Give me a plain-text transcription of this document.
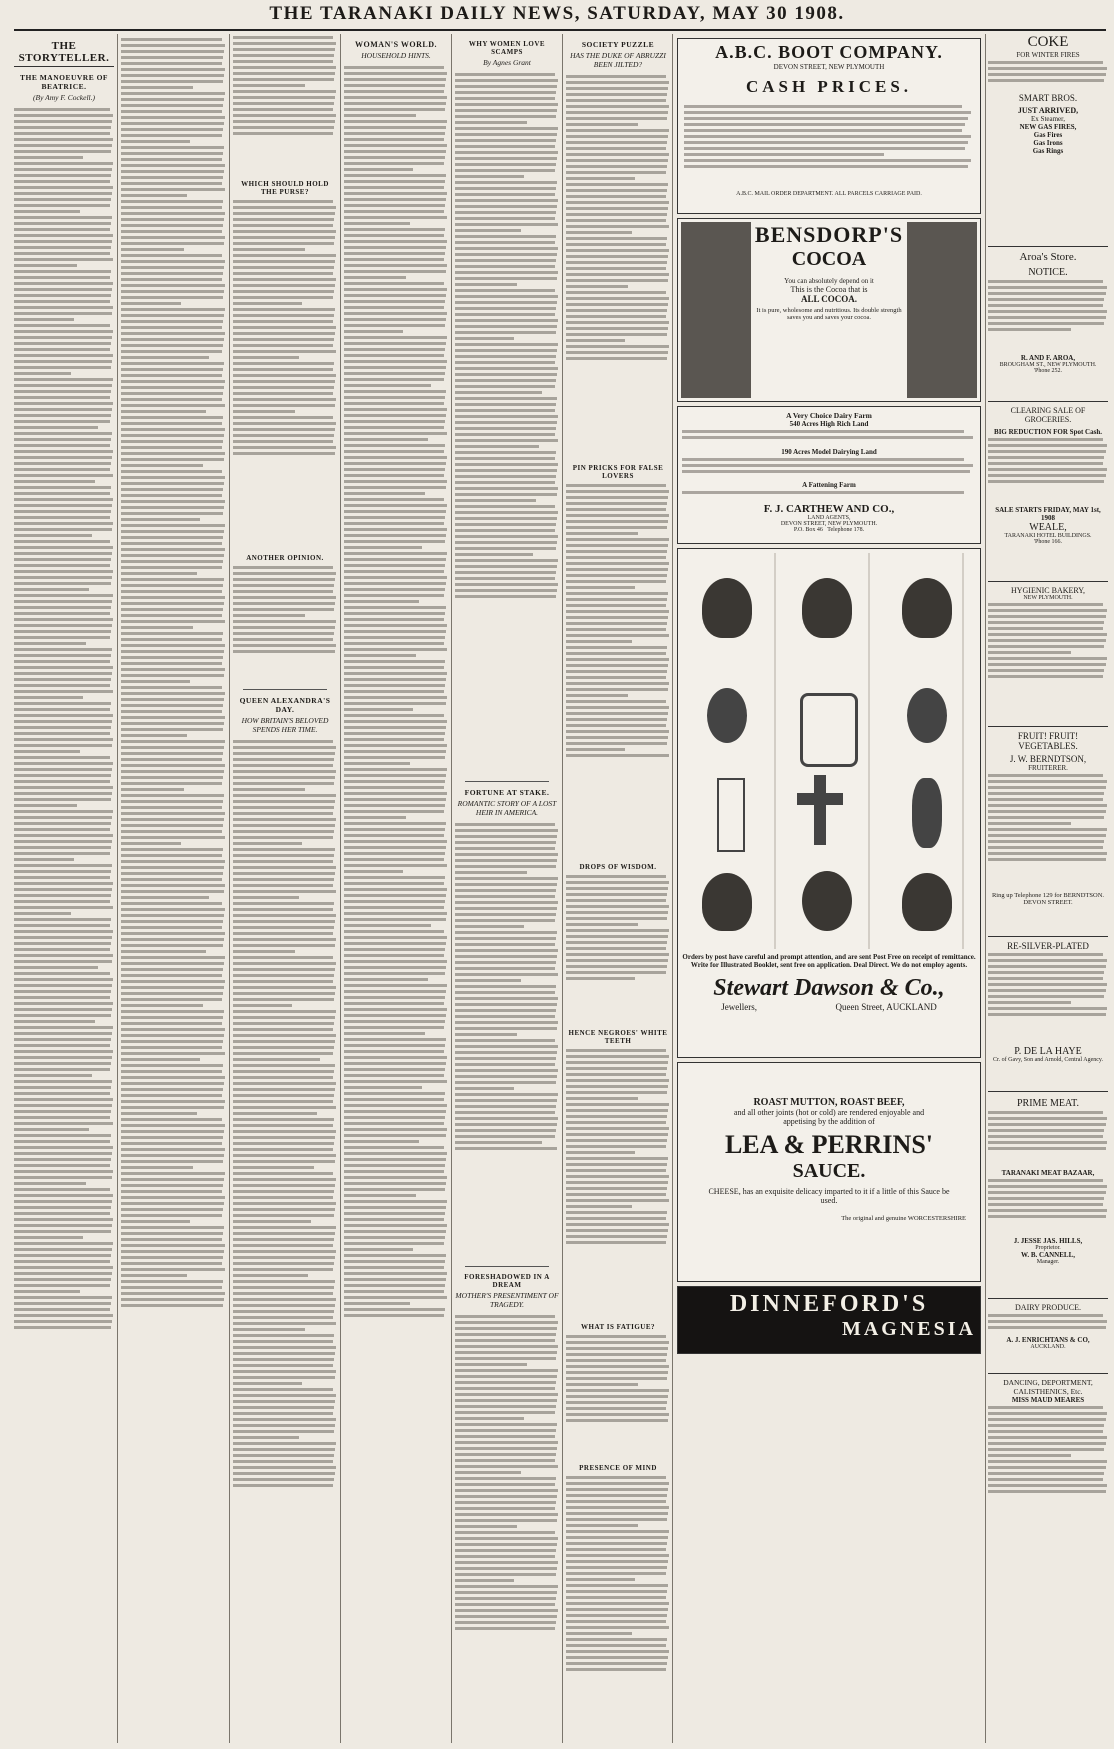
THE TARANAKI DAILY NEWS, SATURDAY, MAY 30 1908.
THE STORYTELLER.
THE MANOEUVRE OF BEATRICE.
(By Amy F. Cockell.)
WHICH SHOULD HOLD THE PURSE?
ANOTHER OPINION.
QUEEN ALEXANDRA'S DAY.
HOW BRITAIN'S BELOVED SPENDS HER TIME.
WOMAN'S WORLD.
HOUSEHOLD HINTS.
WHY WOMEN LOVE SCAMPS
By Agnes Grant
FORTUNE AT STAKE.
ROMANTIC STORY OF A LOST HEIR IN AMERICA.
FORESHADOWED IN A DREAM
MOTHER'S PRESENTIMENT OF TRAGEDY.
SOCIETY PUZZLE
HAS THE DUKE OF ABRUZZI BEEN JILTED?
PIN PRICKS FOR FALSE LOVERS
DROPS OF WISDOM.
HENCE NEGROES' WHITE TEETH
WHAT IS FATIGUE?
PRESENCE OF MIND
A.B.C. BOOT COMPANY.
DEVON STREET, NEW PLYMOUTH
CASH PRICES.
A.B.C. MAIL ORDER DEPARTMENT. ALL PARCELS CARRIAGE PAID.
BENSDORP'S
COCOA
You can absolutely depend on it
This is the Cocoa that is
ALL COCOA.
It is pure, wholesome and nutritious. Its double strength
saves you and saves your cocoa.
A Very Choice Dairy Farm
540 Acres High Rich Land
190 Acres Model Dairying Land
A Fattening Farm
F. J. CARTHEW AND CO.,
LAND AGENTS,
DEVON STREET, NEW PLYMOUTH.
P.O. Box 46 Telephone 178.
Orders by post have careful and prompt attention, and are sent Post Free on receipt of remittance.
Write for Illustrated Booklet, sent free on application. Deal Direct. We do not employ agents.
Stewart Dawson & Co.,
Jewellers,	Queen Street, AUCKLAND
ROAST MUTTON, ROAST BEEF,
and all other joints (hot or cold) are rendered enjoyable and appetising by the addition of
LEA & PERRINS'
SAUCE.
CHEESE, has an exquisite delicacy imparted to it if a little of this Sauce be used.
The original and genuine WORCESTERSHIRE
DINNEFORD'S
MAGNESIA
COKE
FOR WINTER FIRES
SMART BROS.
JUST ARRIVED,
Ex Steamer,
NEW GAS FIRES,
Gas Fires
Gas Irons
Gas Rings
Aroa's Store.
NOTICE.
R. AND F. AROA,
BROUGHAM ST., NEW PLYMOUTH.
'Phone 252.
CLEARING SALE OF GROCERIES.
BIG REDUCTION FOR Spot Cash.
SALE STARTS FRIDAY, MAY 1st, 1908
WEALE,
TARANAKI HOTEL BUILDINGS.
'Phone 166.
HYGIENIC BAKERY,
NEW PLYMOUTH.
FRUIT! FRUIT! VEGETABLES.
J. W. BERNDTSON,
FRUITERER.
Ring up Telephone 129 for BERNDTSON.
DEVON STREET.
RE-SILVER-PLATED
P. DE LA HAYE
Cr. of Gavy, Son and Arnold, Central Agency.
PRIME MEAT.
TARANAKI MEAT BAZAAR,
J. JESSE JAS. HILLS,
Proprietor.
W. B. CANNELL,
Manager.
DAIRY PRODUCE.
A. J. ENRICHTANS & CO,
AUCKLAND.
DANCING, DEPORTMENT, CALISTHENICS, Etc.
MISS MAUD MEARES
